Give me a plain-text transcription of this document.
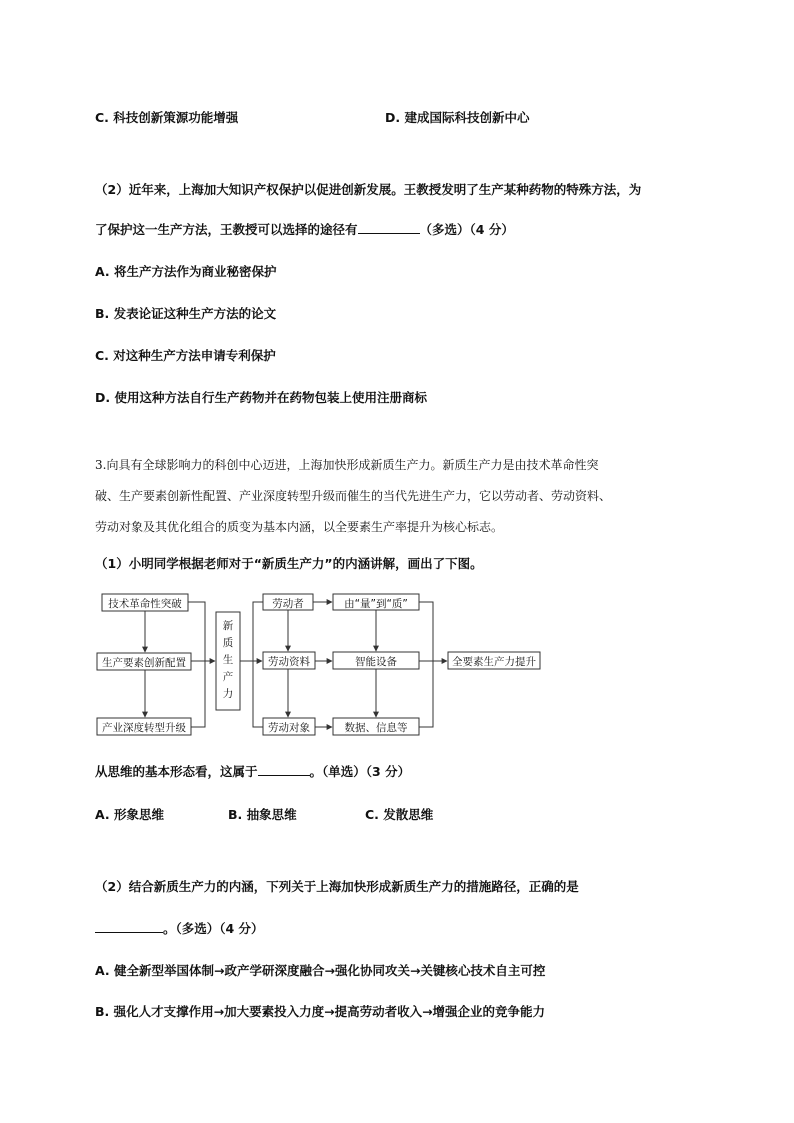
C. 科技创新策源功能增强	D. 建成国际科技创新中心
（2）近年来，上海加大知识产权保护以促进创新发展。王教授发明了生产某种药物的特殊方法，为
了保护这一生产方法，王教授可以选择的途径有	（多选）（4 分）
A. 将生产方法作为商业秘密保护
B. 发表论证这种生产方法的论文
C. 对这种生产方法申请专利保护
D. 使用这种方法自行生产药物并在药物包装上使用注册商标
3.向具有全球影响力的科创中心迈进，上海加快形成新质生产力。新质生产力是由技术革命性突
破、生产要素创新性配置、产业深度转型升级而催生的当代先进生产力，它以劳动者、劳动资料、
劳动对象及其优化组合的质变为基本内涵，以全要素生产率提升为核心标志。
（1）小明同学根据老师对于“新质生产力”的内涵讲解，画出了下图。
技术革命性突破
生产要素创新配置
产业深度转型升级
新
质
生
产
力
劳动者
劳动资料
劳动对象
由“量”到“质”
智能设备
数据、信息等
全要素生产力提升
从思维的基本形态看，这属于	。（单选）（3 分）
A. 形象思维	B. 抽象思维	C. 发散思维
（2）结合新质生产力的内涵，下列关于上海加快形成新质生产力的措施路径，正确的是
。（多选）（4 分）
A. 健全新型举国体制→政产学研深度融合→强化协同攻关→关键核心技术自主可控
B. 强化人才支撑作用→加大要素投入力度→提高劳动者收入→增强企业的竞争能力
